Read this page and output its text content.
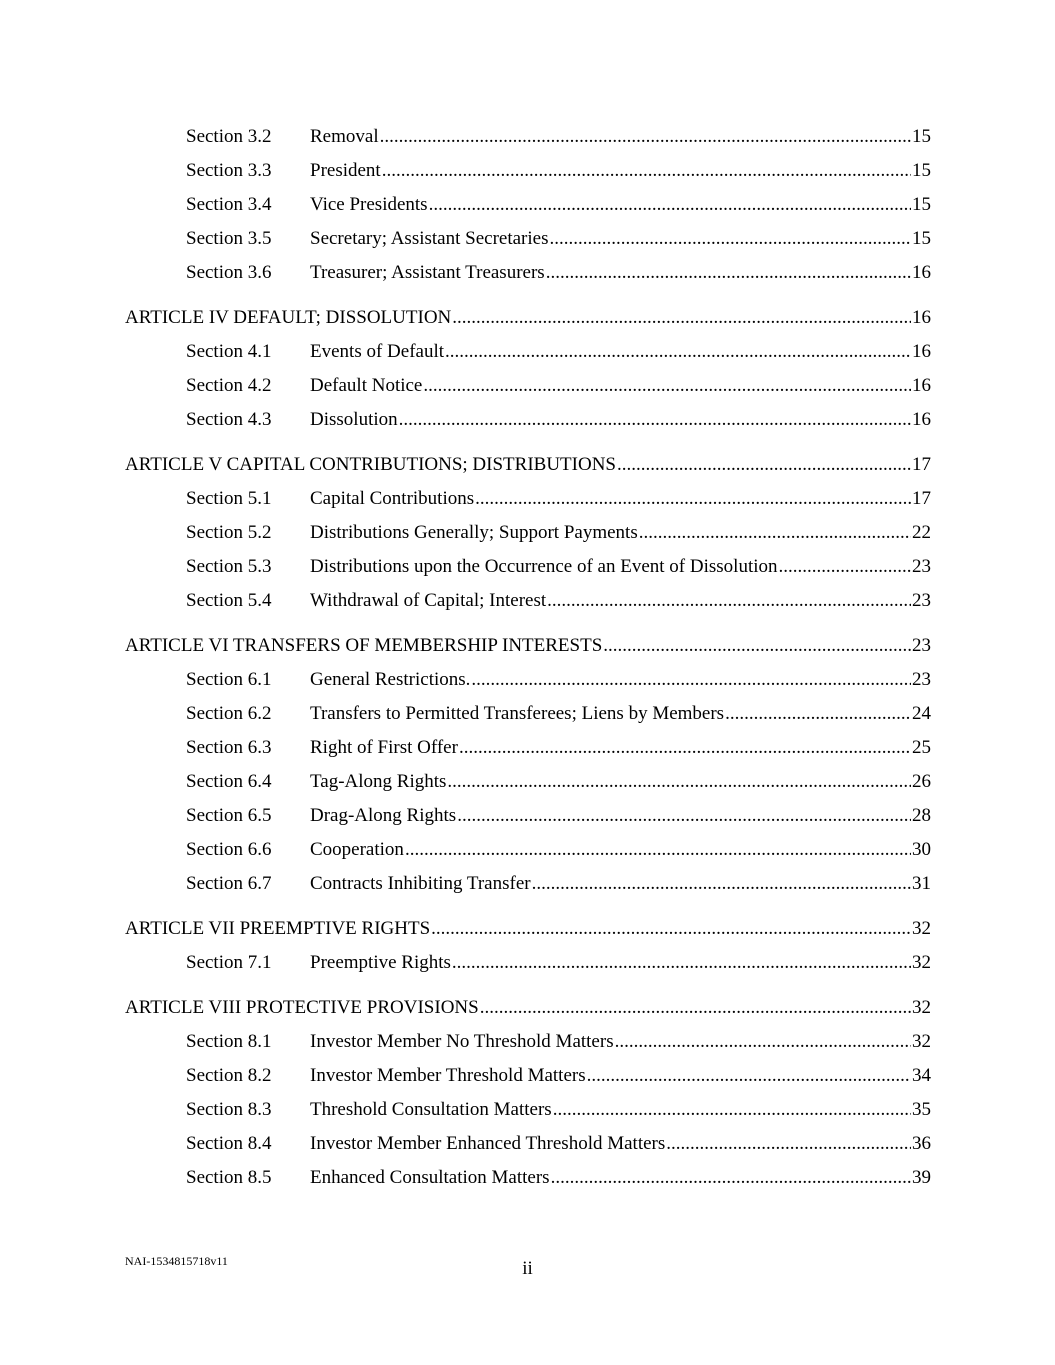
Section 3.2	Removal .....	15
Section 3.3	President .....	15
Section 3.4	Vice Presidents .....	15
Section 3.5	Secretary; Assistant Secretaries .....	15
Section 3.6	Treasurer; Assistant Treasurers .....	16
ARTICLE IV DEFAULT; DISSOLUTION .....	16
Section 4.1	Events of Default .....	16
Section 4.2	Default Notice .....	16
Section 4.3	Dissolution .....	16
ARTICLE V CAPITAL CONTRIBUTIONS; DISTRIBUTIONS .....	17
Section 5.1	Capital Contributions .....	17
Section 5.2	Distributions Generally; Support Payments .....	22
Section 5.3	Distributions upon the Occurrence of an Event of Dissolution .....	23
Section 5.4	Withdrawal of Capital; Interest .....	23
ARTICLE VI TRANSFERS OF MEMBERSHIP INTERESTS .....	23
Section 6.1	General Restrictions. .....	23
Section 6.2	Transfers to Permitted Transferees; Liens by Members .....	24
Section 6.3	Right of First Offer .....	25
Section 6.4	Tag-Along Rights .....	26
Section 6.5	Drag-Along Rights .....	28
Section 6.6	Cooperation .....	30
Section 6.7	Contracts Inhibiting Transfer .....	31
ARTICLE VII PREEMPTIVE RIGHTS .....	32
Section 7.1	Preemptive Rights .....	32
ARTICLE VIII PROTECTIVE PROVISIONS .....	32
Section 8.1	Investor Member No Threshold Matters .....	32
Section 8.2	Investor Member Threshold Matters .....	34
Section 8.3	Threshold Consultation Matters .....	35
Section 8.4	Investor Member Enhanced Threshold Matters .....	36
Section 8.5	Enhanced Consultation Matters .....	39
NAI-1534815718v11	ii
